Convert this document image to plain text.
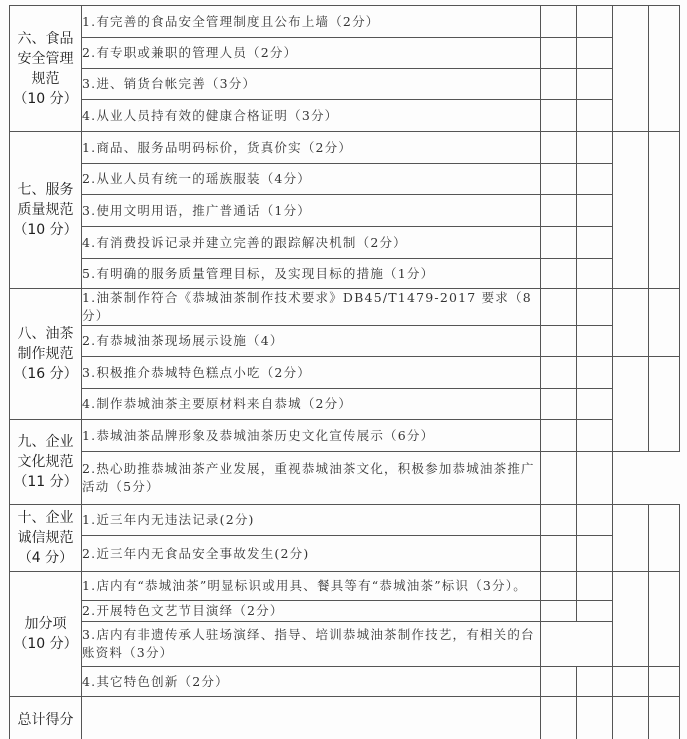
六、食品
安全管理
规范
（10 分）	1.有完善的食品安全管理制度且公布上墙（2分）				
	2.有专职或兼职的管理人员（2分）				
	3.进、销货台帐完善（3分）				
	4.从业人员持有效的健康合格证明（3分）				

七、服务
质量规范
（10 分）	1.商品、服务品明码标价，货真价实（2分）				
	2.从业人员有统一的瑶族服装（4分）				
	3.使用文明用语，推广普通话（1分）				
	4.有消费投诉记录并建立完善的跟踪解决机制（2分）				
	5.有明确的服务质量管理目标，及实现目标的措施（1分）				

八、油茶
制作规范
（16 分）	1.油茶制作符合《恭城油茶制作技术要求》DB45/T1479-2017 要求（8分）				
	2.有恭城油茶现场展示设施（4）				
	3.积极推介恭城特色糕点小吃（2分）				
	4.制作恭城油茶主要原材料来自恭城（2分）				

九、企业
文化规范
（11 分）	1.恭城油茶品牌形象及恭城油茶历史文化宣传展示（6分）				
	2.热心助推恭城油茶产业发展，重视恭城油茶文化，积极参加恭城油茶推广活动（5分）				

十、企业
诚信规范
（4 分）	1.近三年内无违法记录(2分)				
	2.近三年内无食品安全事故发生(2分)				

加分项
（10 分）	1.店内有“恭城油茶”明显标识或用具、餐具等有“恭城油茶”标识（3分）。				
	2.开展特色文艺节目演绎（2分）				
	3.店内有非遗传承人驻场演绎、指导、培训恭城油茶制作技艺，有相关的台账资料（3分）				
	4.其它特色创新（2分）				
总计得分					
